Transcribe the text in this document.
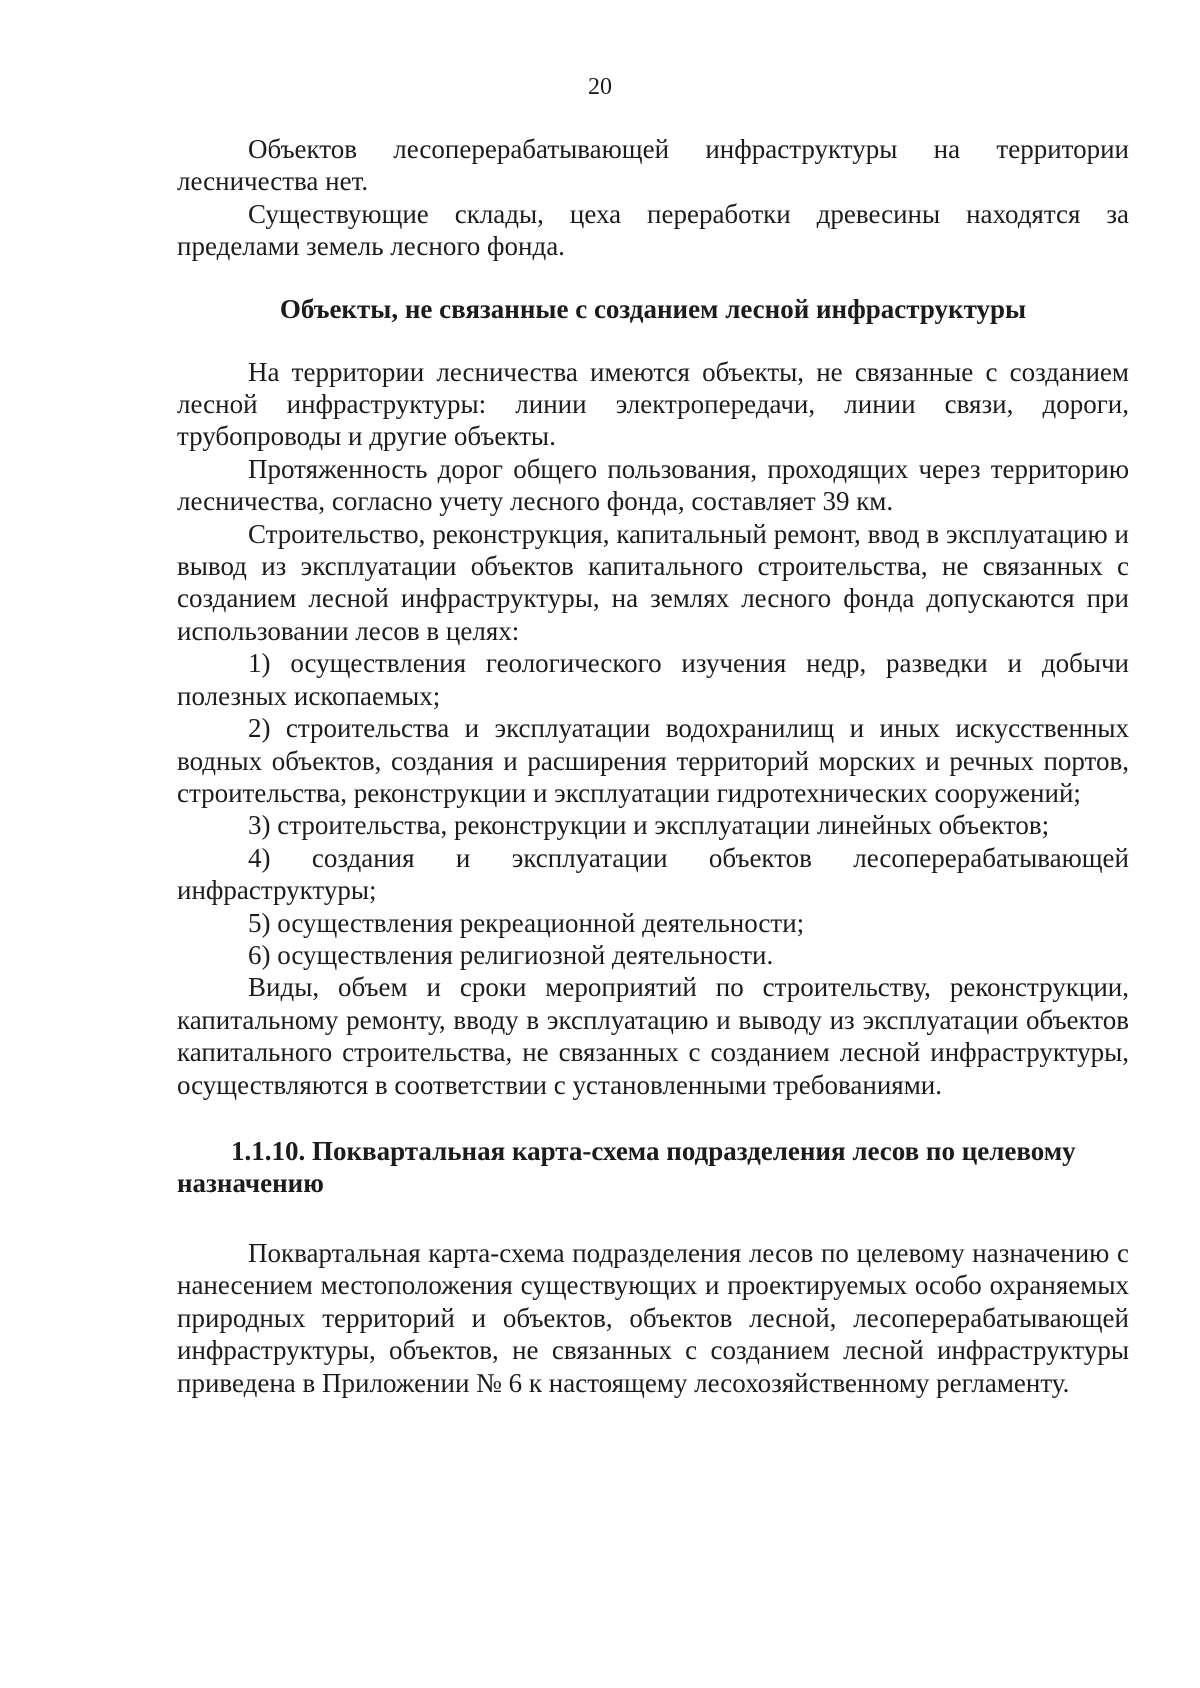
20

Объектов лесоперерабатывающей инфраструктуры на территории лесничества нет.

Существующие склады, цеха переработки древесины находятся за пределами земель лесного фонда.

Объекты, не связанные с созданием лесной инфраструктуры

На территории лесничества имеются объекты, не связанные с созданием лесной инфраструктуры: линии электропередачи, линии связи, дороги, трубопроводы и другие объекты.

Протяженность дорог общего пользования, проходящих через территорию лесничества, согласно учету лесного фонда, составляет 39 км.

Строительство, реконструкция, капитальный ремонт, ввод в эксплуатацию и вывод из эксплуатации объектов капитального строительства, не связанных с созданием лесной инфраструктуры, на землях лесного фонда допускаются при использовании лесов в целях:

1) осуществления геологического изучения недр, разведки и добычи полезных ископаемых;

2) строительства и эксплуатации водохранилищ и иных искусственных водных объектов, создания и расширения территорий морских и речных портов, строительства, реконструкции и эксплуатации гидротехнических сооружений;

3) строительства, реконструкции и эксплуатации линейных объектов;

4) создания и эксплуатации объектов лесоперерабатывающей инфраструктуры;

5) осуществления рекреационной деятельности;

6) осуществления религиозной деятельности.

Виды, объем и сроки мероприятий по строительству, реконструкции, капитальному ремонту, вводу в эксплуатацию и выводу из эксплуатации объектов капитального строительства, не связанных с созданием лесной инфраструктуры, осуществляются в соответствии с установленными требованиями.

1.1.10. Поквартальная карта-схема подразделения лесов по целевому назначению

Поквартальная карта-схема подразделения лесов по целевому назначению с нанесением местоположения существующих и проектируемых особо охраняемых природных территорий и объектов, объектов лесной, лесоперерабатывающей инфраструктуры, объектов, не связанных с созданием лесной инфраструктуры приведена в Приложении № 6 к настоящему лесохозяйственному регламенту.
